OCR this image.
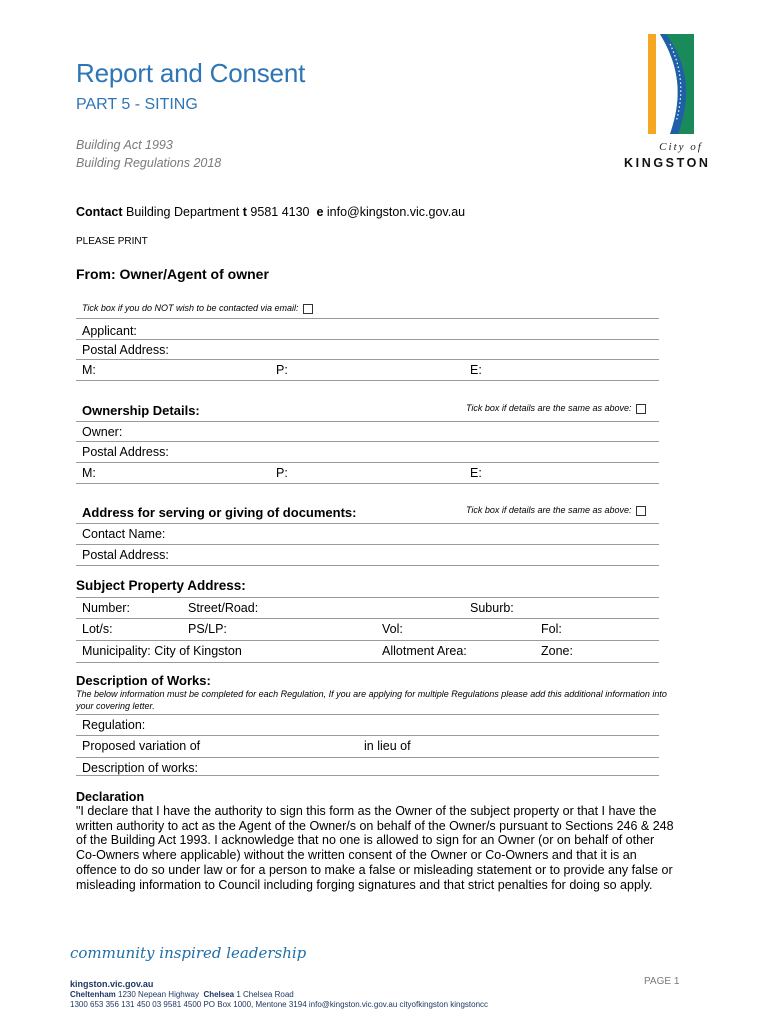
Report and Consent
PART 5 - SITING
Building Act 1993
Building Regulations 2018
City of
KINGSTON
Contact Building Department t 9581 4130 e info@kingston.vic.gov.au
PLEASE PRINT
From: Owner/Agent of owner
Tick box if you do NOT wish to be contacted via email:
Applicant:
Postal Address:
M:	P:	E:
Ownership Details:	Tick box if details are the same as above:
Owner:
Postal Address:
M:	P:	E:
Address for serving or giving of documents:	Tick box if details are the same as above:
Contact Name:
Postal Address:
Subject Property Address:
Number:	Street/Road:	Suburb:
Lot/s:	PS/LP:	Vol:	Fol:
Municipality: City of Kingston	Allotment Area:	Zone:
Description of Works:
The below information must be completed for each Regulation, If you are applying for multiple Regulations please add this additional information into your covering letter.
Regulation:
Proposed variation of	in lieu of
Description of works:
Declaration
"I declare that I have the authority to sign this form as the Owner of the subject property or that I have the written authority to act as the Agent of the Owner/s on behalf of the Owner/s pursuant to Sections 246 & 248 of the Building Act 1993. I acknowledge that no one is allowed to sign for an Owner (or on behalf of other Co-Owners where applicable) without the written consent of the Owner or Co-Owners and that it is an offence to do so under law or for a person to make a false or misleading statement or to provide any false or misleading information to Council including forging signatures and that strict penalties for doing so apply.
community inspired leadership
kingston.vic.gov.au
Cheltenham 1230 Nepean Highway Chelsea 1 Chelsea Road
1300 653 356 131 450 03 9581 4500 PO Box 1000, Mentone 3194 info@kingston.vic.gov.au cityofkingston kingstoncc
PAGE 1
